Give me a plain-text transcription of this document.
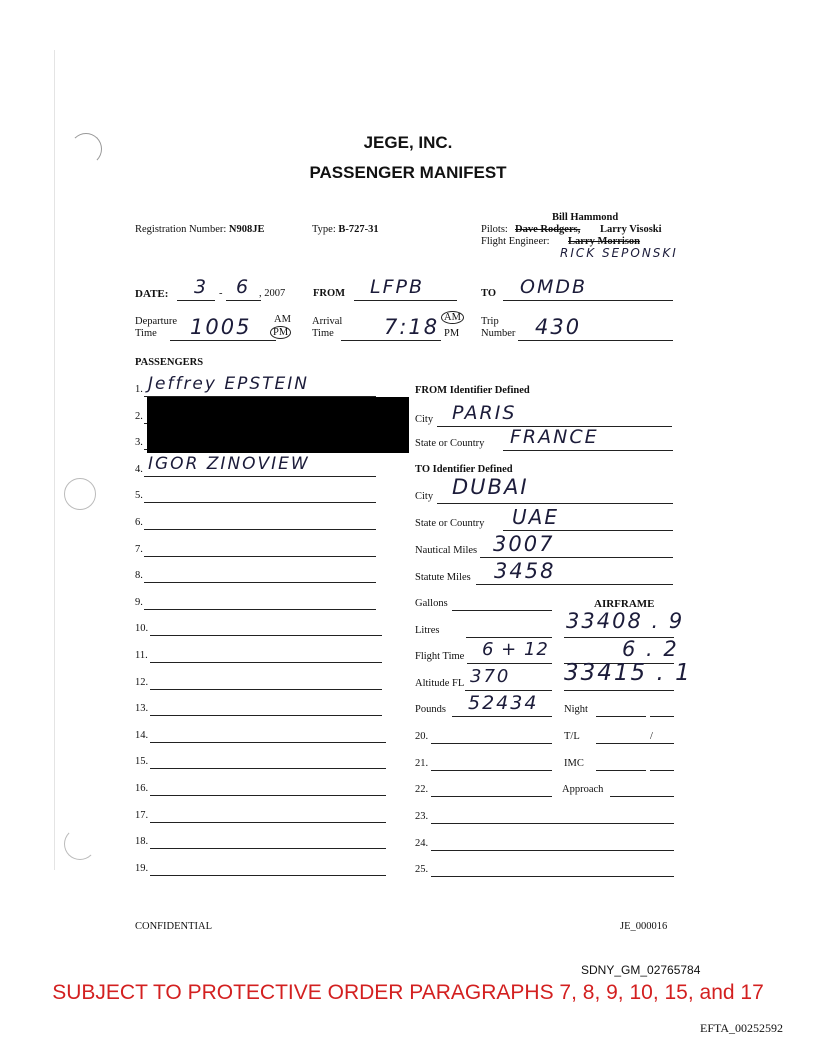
JEGE, INC.
PASSENGER MANIFEST
Registration Number: N908JE	Type: B-727-31
Bill Hammond
Pilots: Dave Rodgers, Larry Visoski
Flight Engineer: Larry Morrison
RICK SEPONSKI
DATE: 3 - 6 , 2007	FROM LFPB	TO OMDB
Departure
Time 1005 AM
PM
Arrival
Time 7:18 AM
PM
Trip
Number 430
PASSENGERS
1. Jeffrey EPSTEIN
2.
3.
4. IGOR ZINOVIEW
5.
6.
7.
8.
9.
10.
11.
12.
13.
14.
15.
16.
17.
18.
19.
FROM Identifier Defined
City PARIS
State or Country FRANCE
TO Identifier Defined
City DUBAI
State or Country UAE
Nautical Miles 3007
Statute Miles 3458
Gallons	AIRFRAME
Litres	33408 . 9
Flight Time 6 + 12	6 . 2
Altitude FL 370 33415 . 1
Pounds 52434 Night
20.	T/L	/
21.	IMC
22.	Approach
23.
24.
25.
CONFIDENTIAL	JE_000016
SDNY_GM_02765784
SUBJECT TO PROTECTIVE ORDER PARAGRAPHS 7, 8, 9, 10, 15, and 17
EFTA_00252592
